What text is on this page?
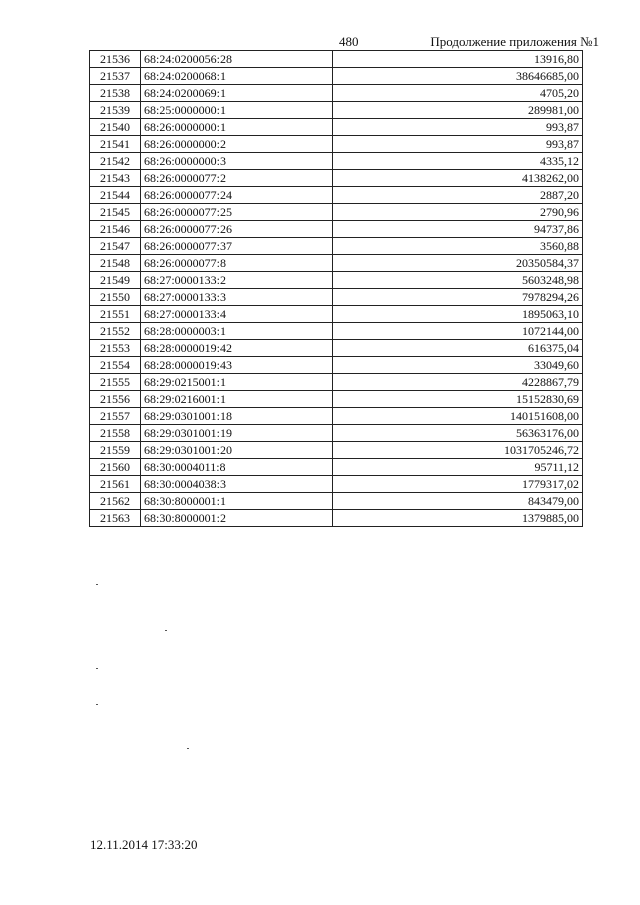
480	Продолжение приложения №1
21536	68:24:0200056:28	13916,80
21537	68:24:0200068:1	38646685,00
21538	68:24:0200069:1	4705,20
21539	68:25:0000000:1	289981,00
21540	68:26:0000000:1	993,87
21541	68:26:0000000:2	993,87
21542	68:26:0000000:3	4335,12
21543	68:26:0000077:2	4138262,00
21544	68:26:0000077:24	2887,20
21545	68:26:0000077:25	2790,96
21546	68:26:0000077:26	94737,86
21547	68:26:0000077:37	3560,88
21548	68:26:0000077:8	20350584,37
21549	68:27:0000133:2	5603248,98
21550	68:27:0000133:3	7978294,26
21551	68:27:0000133:4	1895063,10
21552	68:28:0000003:1	1072144,00
21553	68:28:0000019:42	616375,04
21554	68:28:0000019:43	33049,60
21555	68:29:0215001:1	4228867,79
21556	68:29:0216001:1	15152830,69
21557	68:29:0301001:18	140151608,00
21558	68:29:0301001:19	56363176,00
21559	68:29:0301001:20	1031705246,72
21560	68:30:0004011:8	95711,12
21561	68:30:0004038:3	1779317,02
21562	68:30:8000001:1	843479,00
21563	68:30:8000001:2	1379885,00
12.11.2014 17:33:20
